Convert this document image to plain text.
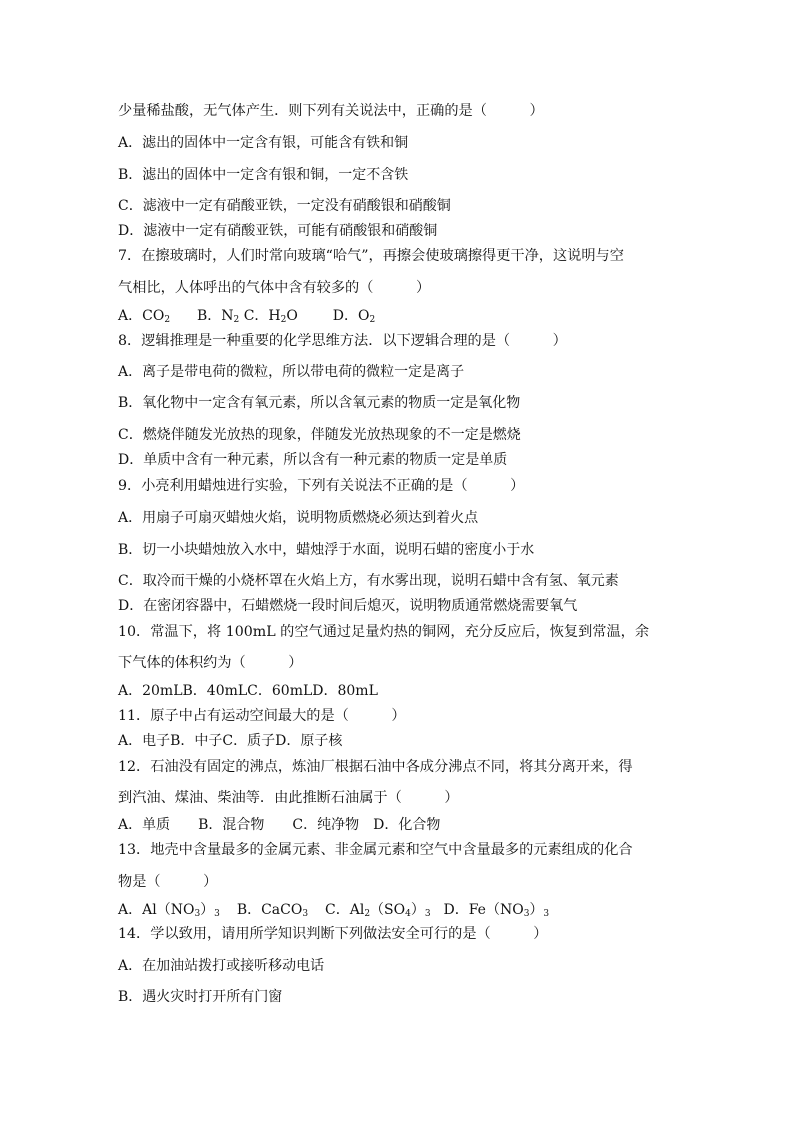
少量稀盐酸，无气体产生．则下列有关说法中，正确的是（　　　）
A．滤出的固体中一定含有银，可能含有铁和铜
B．滤出的固体中一定含有银和铜，一定不含铁
C．滤液中一定有硝酸亚铁，一定没有硝酸银和硝酸铜
D．滤液中一定有硝酸亚铁，可能有硝酸银和硝酸铜
7．在擦玻璃时，人们时常向玻璃“哈气”，再擦会使玻璃擦得更干净，这说明与空
气相比，人体呼出的气体中含有较多的（　　　）
A．$CO_2$ B．$N_2$ C．$H_2O$ D．$O_2$
8．逻辑推理是一种重要的化学思维方法．以下逻辑合理的是（　　　）
A．离子是带电荷的微粒，所以带电荷的微粒一定是离子
B．氧化物中一定含有氧元素，所以含氧元素的物质一定是氧化物
C．燃烧伴随发光放热的现象，伴随发光放热现象的不一定是燃烧
D．单质中含有一种元素，所以含有一种元素的物质一定是单质
9．小亮利用蜡烛进行实验，下列有关说法不正确的是（　　　）
A．用扇子可扇灭蜡烛火焰，说明物质燃烧必须达到着火点
B．切一小块蜡烛放入水中，蜡烛浮于水面，说明石蜡的密度小于水
C．取冷而干燥的小烧杯罩在火焰上方，有水雾出现，说明石蜡中含有氢、氧元素
D．在密闭容器中，石蜡燃烧一段时间后熄灭，说明物质通常燃烧需要氧气
10．常温下，将 100mL 的空气通过足量灼热的铜网，充分反应后，恢复到常温，余
下气体的体积约为（　　　）
A．20mLB．40mLC．60mLD．80mL
11．原子中占有运动空间最大的是（　　　）
A．电子B．中子C．质子D．原子核
12．石油没有固定的沸点，炼油厂根据石油中各成分沸点不同，将其分离开来，得
到汽油、煤油、柴油等．由此推断石油属于（　　　）
A．单质　　B．混合物　　C．纯净物　D．化合物
13．地壳中含量最多的金属元素、非金属元素和空气中含量最多的元素组成的化合
物是（　　　）
A．$Al(NO_3)_3$ B．CaCO$_3$ C．$Al_2(SO_4)_3$ D．$Fe(NO_3)_3$
14．学以致用，请用所学知识判断下列做法安全可行的是（　　　）
A．在加油站拨打或接听移动电话
B．遇火灾时打开所有门窗
